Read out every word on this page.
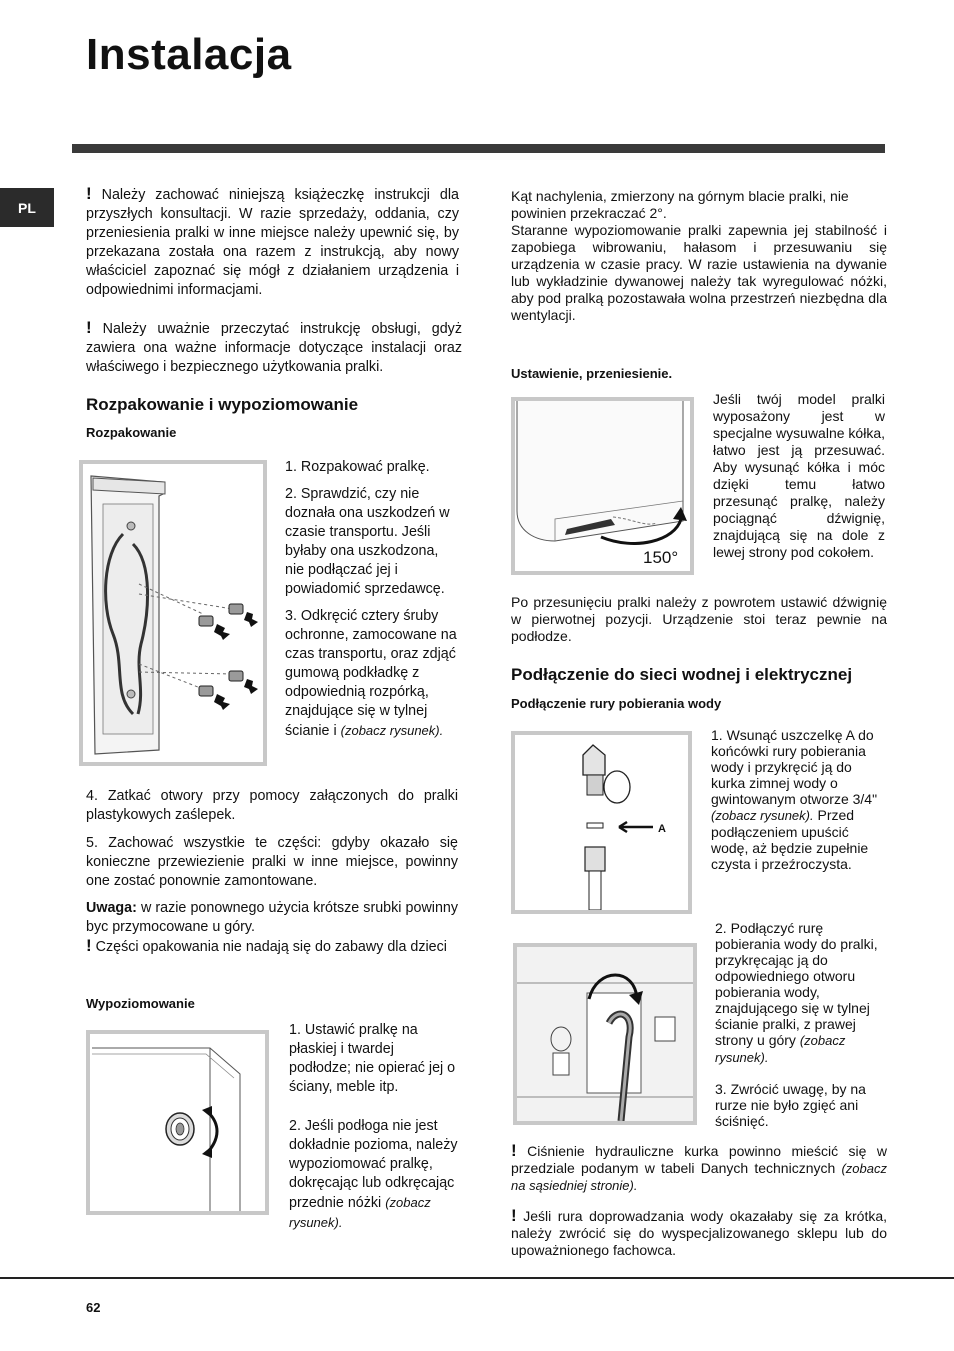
Instalacja
PL

! Należy zachować niniejszą książeczkę instrukcji dla przyszłych konsultacji. W razie sprzedaży, oddania, czy przeniesienia pralki w inne miejsce należy upewnić się, by przekazana została ona razem z instrukcją, aby nowy właściciel zapoznać się mógł z działaniem urządzenia i odpowiednimi informacjami.

! Należy uważnie przeczytać instrukcję obsługi, gdyż zawiera ona ważne informacje dotyczące instalacji oraz właściwego i bezpiecznego użytkowania pralki.

Rozpakowanie i wypoziomowanie
Rozpakowanie
1. Rozpakować pralkę.
2. Sprawdzić, czy nie doznała ona uszkodzeń w czasie transportu. Jeśli byłaby ona uszkodzona, nie podłączać jej i powiadomić sprzedawcę.
3. Odkręcić cztery śruby ochronne, zamocowane na czas transportu, oraz zdjąć gumową podkładkę z odpowiednią rozpórką, znajdujące się w tylnej ścianie i (zobacz rysunek).

4. Zatkać otwory przy pomocy załączonych do pralki plastykowych zaślepek.

5. Zachować wszystkie te części: gdyby okazało się konieczne przewiezienie pralki w inne miejsce, powinny one zostać ponownie zamontowane.

Uwaga: w razie ponownego użycia krótsze srubki powinny byc przymocowane u góry.

! Części opakowania nie nadają się do zabawy dla dzieci

Wypoziomowanie

1. Ustawić pralkę na płaskiej i twardej podłodze; nie opierać jej o ściany, meble itp.

2. Jeśli podłoga nie jest dokładnie pozioma, należy wypoziomować pralkę, dokręcając lub odkręcając przednie nóżki (zobacz rysunek).

Kąt nachylenia, zmierzony na górnym blacie pralki, nie powinien przekraczać 2°.

Staranne wypoziomowanie pralki zapewnia jej stabilność i zapobiega wibrowaniu, hałasom i przesuwaniu się urządzenia w czasie pracy. W razie ustawienia na dywanie lub wykładzinie dywanowej należy tak wyregulować nóżki, aby pod pralką pozostawała wolna przestrzeń niezbędna dla wentylacji.

Ustawienie, przeniesienie.
150°

Jeśli twój model pralki wyposażony jest w specjalne wysuwalne kółka, łatwo jest ją przesuwać. Aby wysunąć kółka i móc dzięki temu łatwo przesunąć pralkę, należy pociągnąć dźwignię, znajdującą się na dole z lewej strony pod cokołem.

Po przesunięciu pralki należy z powrotem ustawić dźwignię w pierwotnej pozycji. Urządzenie stoi teraz pewnie na podłodze.

Podłączenie do sieci wodnej i elektrycznej
Podłączenie rury pobierania wody
A

1. Wsunąć uszczelkę A do końcówki rury pobierania wody i przykręcić ją do kurka zimnej wody o gwintowanym otworze 3/4" (zobacz rysunek). Przed podłączeniem upuścić wodę, aż będzie zupełnie czysta i przeźroczysta.

2. Podłączyć rurę pobierania wody do pralki, przykręcając ją do odpowiedniego otworu pobierania wody, znajdującego się w tylnej ścianie pralki, z prawej strony u góry (zobacz rysunek).

3. Zwrócić uwagę, by na rurze nie było zgięć ani ściśnięć.

! Ciśnienie hydrauliczne kurka powinno mieścić się w przedziale podanym w tabeli Danych technicznych (zobacz na sąsiedniej stronie).

! Jeśli rura doprowadzania wody okazałaby się za krótka, należy zwrócić się do wyspecjalizowanego sklepu lub do upoważnionego fachowca.

62
